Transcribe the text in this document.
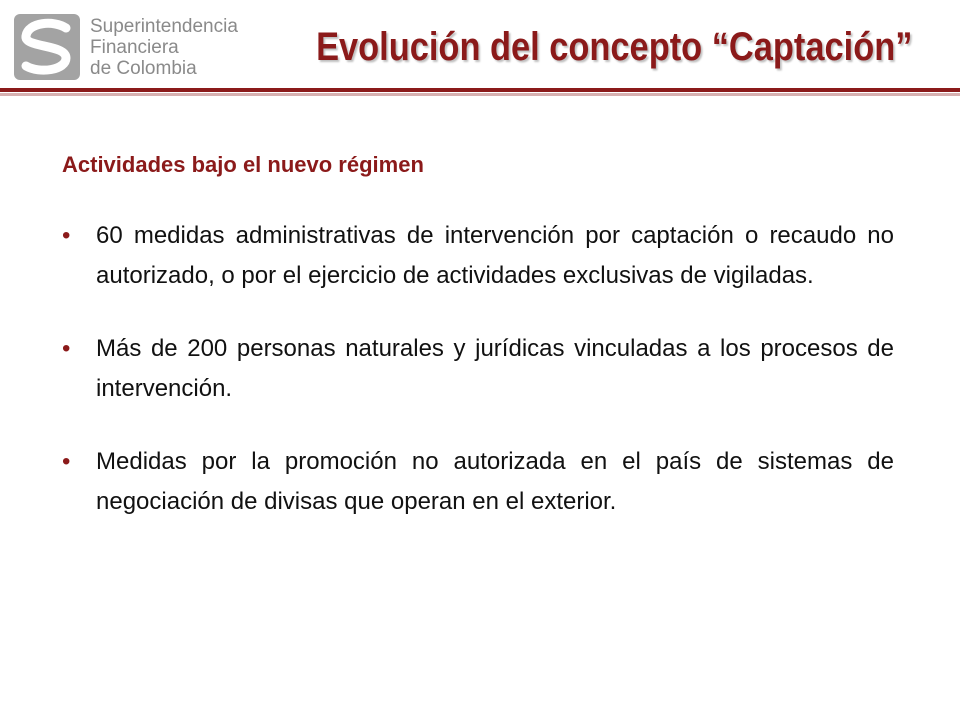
Superintendencia
Financiera
de Colombia	Evolución del concepto “Captación”
Actividades bajo el nuevo régimen
• 60 medidas administrativas de intervención por captación o recaudo no autorizado, o por el ejercicio de actividades exclusivas de vigiladas.
• Más de 200 personas naturales y jurídicas vinculadas a los procesos de intervención.
• Medidas por la promoción no autorizada en el país de sistemas de negociación de divisas que operan en el exterior.
